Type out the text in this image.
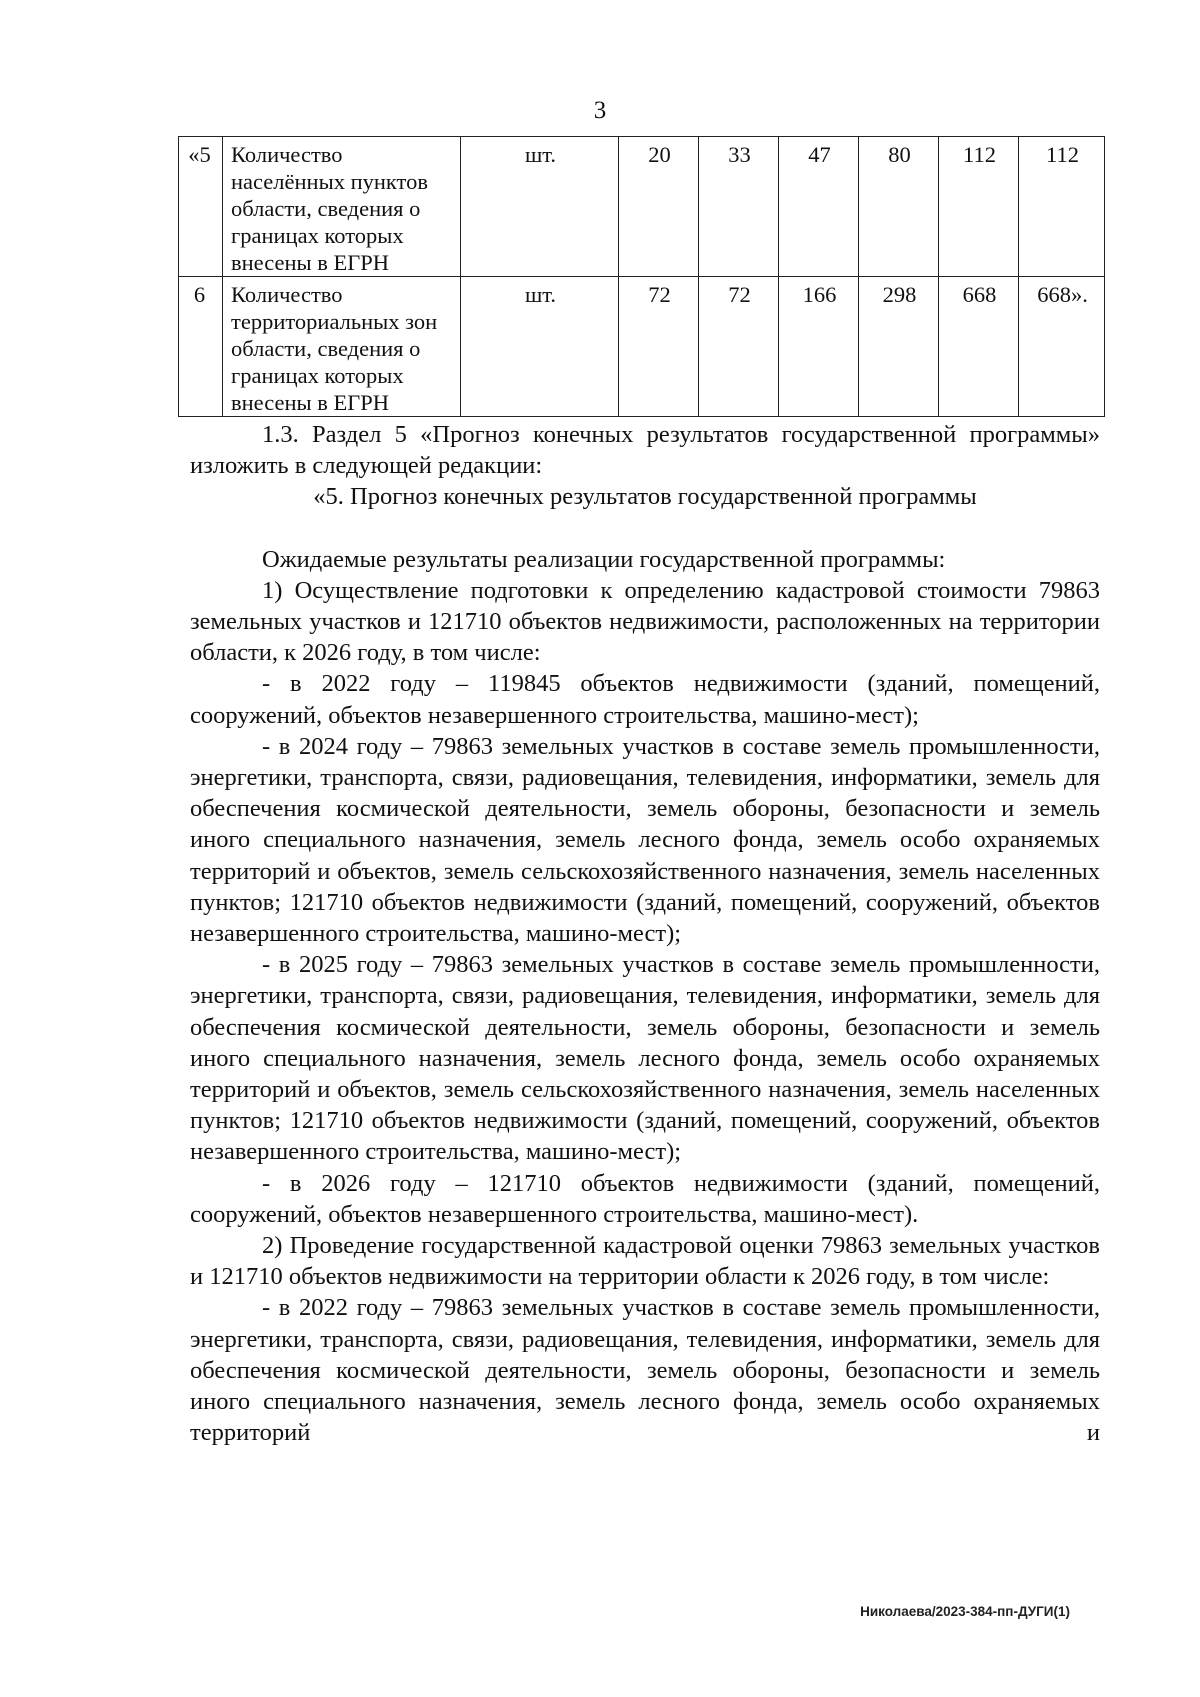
3
«5	Количество населённых пунктов области, сведения о границах которых внесены в ЕГРН	шт.	20	33	47	80	112	112
6	Количество территориальных зон области, сведения о границах которых внесены в ЕГРН	шт.	72	72	166	298	668	668».

1.3. Раздел 5 «Прогноз конечных результатов государственной программы» изложить в следующей редакции:

«5. Прогноз конечных результатов государственной программы

Ожидаемые результаты реализации государственной программы:

1) Осуществление подготовки к определению кадастровой стоимости 79863 земельных участков и 121710 объектов недвижимости, расположенных на территории области, к 2026 году, в том числе:

- в 2022 году – 119845 объектов недвижимости (зданий, помещений, сооружений, объектов незавершенного строительства, машино-мест);

- в 2024 году – 79863 земельных участков в составе земель промышленности, энергетики, транспорта, связи, радиовещания, телевидения, информатики, земель для обеспечения космической деятельности, земель обороны, безопасности и земель иного специального назначения, земель лесного фонда, земель особо охраняемых территорий и объектов, земель сельскохозяйственного назначения, земель населенных пунктов; 121710 объектов недвижимости (зданий, помещений, сооружений, объектов незавершенного строительства, машино-мест);

- в 2025 году – 79863 земельных участков в составе земель промышленности, энергетики, транспорта, связи, радиовещания, телевидения, информатики, земель для обеспечения космической деятельности, земель обороны, безопасности и земель иного специального назначения, земель лесного фонда, земель особо охраняемых территорий и объектов, земель сельскохозяйственного назначения, земель населенных пунктов; 121710 объектов недвижимости (зданий, помещений, сооружений, объектов незавершенного строительства, машино-мест);

- в 2026 году – 121710 объектов недвижимости (зданий, помещений, сооружений, объектов незавершенного строительства, машино-мест).

2) Проведение государственной кадастровой оценки 79863 земельных участков и 121710 объектов недвижимости на территории области к 2026 году, в том числе:

- в 2022 году – 79863 земельных участков в составе земель промышленности, энергетики, транспорта, связи, радиовещания, телевидения, информатики, земель для обеспечения космической деятельности, земель обороны, безопасности и земель иного специального назначения, земель лесного фонда, земель особо охраняемых территорий и

Николаева/2023-384-пп-ДУГИ(1)
